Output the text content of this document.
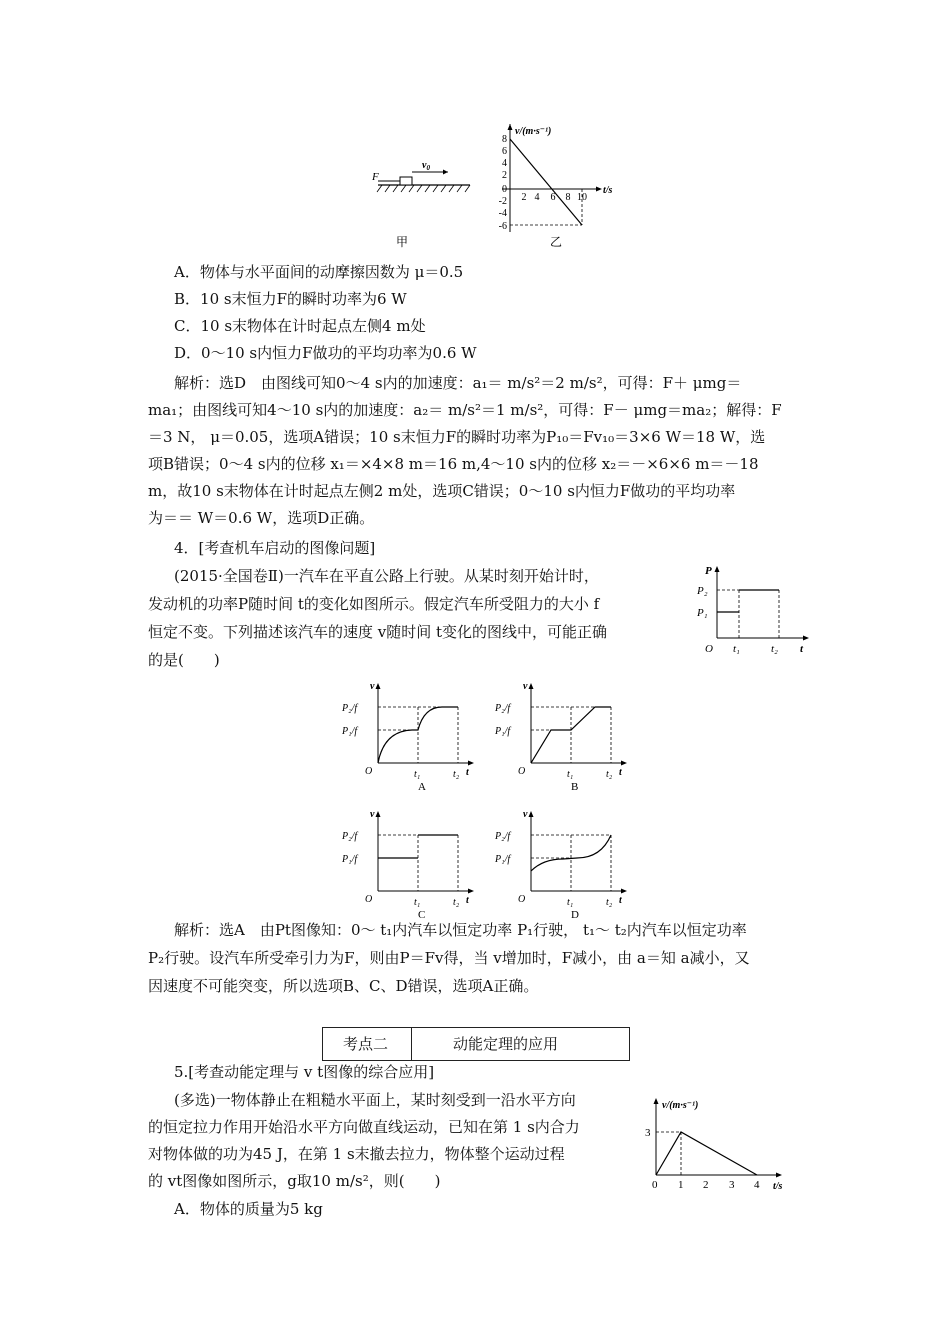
F
$v_0$
甲
v/(m·s⁻¹)
t/s
8
6
4
2
0
-2
-4
-6
2 4 6 8 10
乙
A．物体与水平面间的动摩擦因数为 μ＝0.5
B．10 s末恒力F的瞬时功率为6 W
C．10 s末物体在计时起点左侧4 m处
D．0～10 s内恒力F做功的平均功率为0.6 W
解析：选D　由图线可知0～4 s内的加速度：a₁＝ m/s²＝2 m/s²，可得：F＋ μmg＝
ma₁；由图线可知4～10 s内的加速度：a₂＝ m/s²＝1 m/s²，可得：F－ μmg＝ma₂；解得：F
＝3 N， μ＝0.05，选项A错误；10 s末恒力F的瞬时功率为P₁₀＝Fv₁₀＝3×6 W＝18 W，选
项B错误；0～4 s内的位移 x₁＝×4×8 m＝16 m,4～10 s内的位移 x₂＝－×6×6 m＝－18
m，故10 s末物体在计时起点左侧2 m处，选项C错误；0～10 s内恒力F做功的平均功率
为＝＝ W＝0.6 W，选项D正确。
4．[考查机车启动的图像问题]
(2015·全国卷Ⅱ)一汽车在平直公路上行驶。从某时刻开始计时，
发动机的功率P随时间 t的变化如图所示。假定汽车所受阻力的大小 f
恒定不变。下列描述该汽车的速度 v随时间 t变化的图线中，可能正确
的是(　　)
P
t
O
P₂
P₁
t₁	t₂
v
P₂/f
P₁/f
O	t₁	t₂ t
A
v
P₂/f
P₁/f
O	t₁	t₂ t
B
v
P₂/f
P₁/f
O	t₁	t₂ t
C
v
P₂/f
P₁/f
O	t₁	t₂ t
D
解析：选A　由Pt图像知：0～ t₁内汽车以恒定功率 P₁行驶， t₁～ t₂内汽车以恒定功率
P₂行驶。设汽车所受牵引力为F，则由P＝Fv得，当 v增加时，F减小，由 a＝知 a减小，又
因速度不可能突变，所以选项B、C、D错误，选项A正确。
考点二	动能定理的应用
5.[考查动能定理与 v t图像的综合应用]
(多选)一物体静止在粗糙水平面上，某时刻受到一沿水平方向
的恒定拉力作用开始沿水平方向做直线运动，已知在第 1 s内合力
对物体做的功为45 J，在第 1 s末撤去拉力，物体整个运动过程
的 vt图像如图所示，g取10 m/s²，则(　　)
A．物体的质量为5 kg
v/(m·s⁻¹)
t/s
0
3
1 2 3 4
